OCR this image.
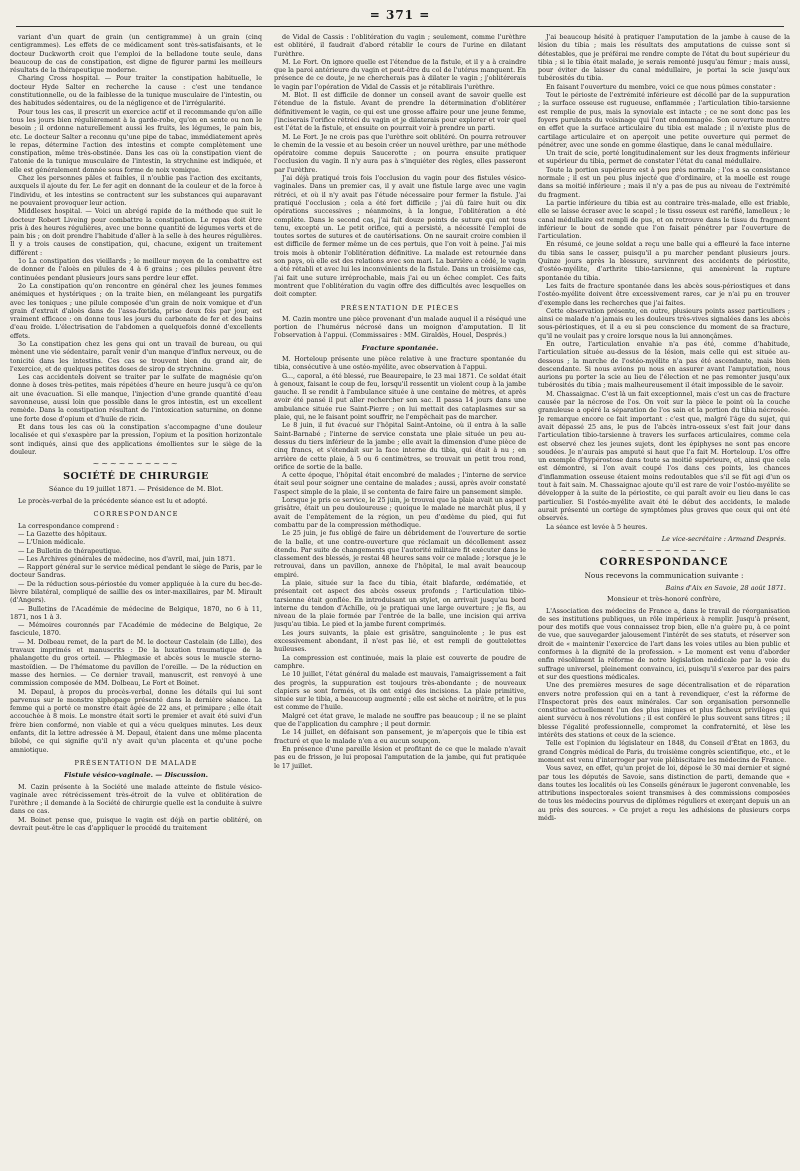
= 371 =

variant d'un quart de grain (un centigramme) à un grain (cinq centigrammes). Les effets de ce médicament sont très-satisfaisants, et le docteur Duckworth croit que l'emploi de la belladone toute seule, dans beaucoup de cas de constipation, est digne de figurer parmi les meilleurs résultats de la thérapeutique moderne.

Charing Cross hospital. — Pour traiter la constipation habituelle, le docteur Hyde Salter en recherche la cause : c'est une tendance constitutionnelle, ou de la faiblesse de la tunique musculaire de l'intestin, ou des habitudes sédentaires, ou de la négligence et de l'irrégularité.

Pour tous les cas, il prescrit un exercice actif et il recommande qu'on aille tous les jours bien régulièrement à la garde-robe, qu'on en sente ou non le besoin ; il ordonne naturellement aussi les fruits, les légumes, le pain bis, etc. Le docteur Salter a reconnu qu'une pipe de tabac, immédiatement après le repas, détermine l'action des intestins et compte complètement une constipation, même très-obstinée. Dans les cas où la constipation vient de l'atonie de la tunique musculaire de l'intestin, la strychnine est indiquée, et elle est généralement donnée sous forme de noix vomique.

Chez les personnes pâles et faibles, il n'oublie pas l'action des excitants, auxquels il ajoute du fer. Le fer agit en donnant de la couleur et de la force à l'individu, et les intestins se contractent sur les substances qui auparavant ne pouvaient provoquer leur action.

Middlesex hospital. — Voici un abrégé rapide de la méthode que suit le docteur Robert Liveing pour combattre la constipation. Le repas doit être pris à des heures régulières, avec une bonne quantité de légumes verts et de pain bis ; on doit prendre l'habitude d'aller à la selle à des heures régulières. Il y a trois causes de constipation, qui, chacune, exigent un traitement différent :

1o La constipation des vieillards ; le meilleur moyen de la combattre est de donner de l'aloès en pilules de 4 à 6 grains ; ces pilules peuvent être continuées pendant plusieurs jours sans perdre leur effet.

2o La constipation qu'on rencontre en général chez les jeunes femmes anémiques et hystériques ; on la traite bien, en mélangeant les purgatifs avec les toniques ; une pilule composée d'un grain de noix vomique et d'un grain d'extrait d'aloès dans de l'assa-fœtida, prise deux fois par jour, est vraiment efficace : on donne tous les jours du carbonate de fer et des bains d'eau froide. L'électrisation de l'abdomen a quelquefois donné d'excellents effets.

3o La constipation chez les gens qui ont un travail de bureau, ou qui mènent une vie sédentaire, paraît venir d'un manque d'influx nerveux, ou de tonicité dans les intestins. Ces cas se trouvent bien du grand air, de l'exercice, et de quelques petites doses de sirop de strychnine.

Les cas accidentels doivent se traiter par le sulfate de magnésie qu'on donne à doses très-petites, mais répétées d'heure en heure jusqu'à ce qu'on ait une évacuation. Si elle manque, l'injection d'une grande quantité d'eau savonneuse, aussi loin que possible dans le gros intestin, est un excellent remède. Dans la constipation résultant de l'intoxication saturnine, on donne une forte dose d'opium et d'huile de ricin.

Et dans tous les cas où la constipation s'accompagne d'une douleur localisée et qui s'exaspère par la pression, l'opium et la position horizontale sont indiqués, ainsi que des applications émollientes sur le siège de la douleur.

~~~~~~~~~~
SOCIÉTÉ DE CHIRURGIE
Séance du 19 juillet 1871. — Présidence de M. Blot.

Le procès-verbal de la précédente séance est lu et adopté.

CORRESPONDANCE

La correspondance comprend :

— La Gazette des hôpitaux.

— L'Union médicale.

— Le Bulletin de thérapeutique.

— Les Archives générales de médecine, nos d'avril, mai, juin 1871.

— Rapport général sur le service médical pendant le siège de Paris, par le docteur Sandras.

— De la réduction sous-périostée du vomer appliquée à la cure du bec-de-lièvre bilatéral, compliqué de saillie des os inter-maxillaires, par M. Mirault (d'Angers).

— Bulletins de l'Académie de médecine de Belgique, 1870, no 6 à 11, 1871, nos 1 à 3.

— Mémoires couronnés par l'Académie de médecine de Belgique, 2e fascicule, 1870.

— M. Dolbeau remet, de la part de M. le docteur Castelain (de Lille), des travaux imprimés et manuscrits : De la luxation traumatique de la phalangette du gros orteil. — Phlegmasie et abcès sous le muscle sterno-mastoïdien. — De l'hématome du pavillon de l'oreille. — De la réduction en masse des hernies. — Ce dernier travail, manuscrit, est renvoyé à une commission composée de MM. Dolbeau, Le Fort et Boinet.

M. Depaul, à propos du procès-verbal, donne les détails qui lui sont parvenus sur le monstre xiphopage présenté dans la dernière séance. La femme qui a porté ce monstre était âgée de 22 ans, et primipare ; elle était accouchée à 8 mois. Le monstre était sorti le premier et avait été suivi d'un frère bien conformé, non viable et qui a vécu quelques minutes. Les deux enfants, dit la lettre adressée à M. Depaul, étaient dans une même placenta bilobé, ce qui signifie qu'il n'y avait qu'un placenta et qu'une poche amniotique.

PRÉSENTATION DE MALADE
Fistule vésico-vaginale. — Discussion.

M. Cazin présente à la Société une malade atteinte de fistule vésico-vaginale avec rétrécissement très-étroit de la vulve et oblitération de l'urèthre ; il demande à la Société de chirurgie quelle est la conduite à suivre dans ce cas.

M. Boinet pense que, puisque le vagin est déjà en partie oblitéré, on devrait peut-être le cas d'appliquer le procédé du traitement

de Vidal de Cassis : l'oblitération du vagin ; seulement, comme l'urèthre est oblitéré, il faudrait d'abord rétablir le cours de l'urine en dilatant l'urèthre.

M. Le Fort. On ignore quelle est l'étendue de la fistule, et il y a à craindre que la paroi antérieure du vagin et peut-être du col de l'utérus manquent. En présence de ce doute, je ne chercherais pas à dilater le vagin ; j'oblitérerais le vagin par l'opération de Vidal de Cassis et je rétablirais l'urèthre.

M. Blot. Il est difficile de donner un conseil avant de savoir quelle est l'étendue de la fistule. Avant de prendre la détermination d'oblitérer définitivement le vagin, ce qui est une grosse affaire pour une jeune femme, j'inciserais l'orifice rétréci du vagin et je dilaterais pour explorer et voir quel est l'état de la fistule, et ensuite on pourrait voir à prendre un parti.

M. Le Fort. Je ne crois pas que l'urèthre soit oblitéré. On pourra retrouver le chemin de la vessie et au besoin créer un nouvel urèthre, par une méthode opératoire comme depuis Saucerotte ; on pourra ensuite pratiquer l'occlusion du vagin. Il n'y aura pas à s'inquiéter des règles, elles passeront par l'urèthre.

J'ai déjà pratiqué trois fois l'occlusion du vagin pour des fistules vésico-vaginales. Dans un premier cas, il y avait une fistule large avec une vagin rétréci, et où il n'y avait pas l'étude nécessaire pour fermer la fistule. J'ai pratiqué l'occlusion ; cela a été fort difficile ; j'ai dû faire huit ou dix opérations successives ; néanmoins, à la longue, l'oblitération a été complète. Dans le second cas, j'ai fait douze points de suture qui ont tous tenu, excepté un. Le petit orifice, qui a persisté, a nécessité l'emploi de toutes sortes de sutures et de cautérisations. On ne saurait croire combien il est difficile de fermer même un de ces pertuis, que l'on voit à peine. J'ai mis trois mois à obtenir l'oblitération définitive. La malade est retournée dans son pays, où elle est des relations avec son mari. La barrière a cédé, le vagin a été rétabli et avec lui les inconvénients de la fistule. Dans un troisième cas, j'ai fait une suture irréprochable, mais j'ai eu un échec complet. Ces faits montrent que l'oblitération du vagin offre des difficultés avec lesquelles on doit compter.

PRÉSENTATION DE PIÈCES

M. Cazin montre une pièce provenant d'un malade auquel il a réséqué une portion de l'humérus nécrosé dans un moignon d'amputation. Il lit l'observation à l'appui. (Commissaires : MM. Giraldès, Houel, Després.)

Fracture spontanée.

M. Horteloup présente une pièce relative à une fracture spontanée du tibia, consécutive à une ostéo-myélite, avec observation à l'appui.

G..., caporal, a été blessé, rue Beaurepaire, le 23 mai 1871. Ce soldat était à genoux, faisant le coup de feu, lorsqu'il ressentit un violent coup à la jambe gauche. Il se rendit à l'ambulance située à une centaine de mètres, et après avoir été pansé il put aller rechercher son sac. Il passa 14 jours dans une ambulance située rue Saint-Pierre ; on lui mettait des cataplasmes sur sa plaie, qui, ne le faisant point souffrir, ne l'empêchait pas de marcher.

Le 8 juin, il fut évacué sur l'hôpital Saint-Antoine, où il entra à la salle Saint-Barnabé ; l'interne de service constata une plaie située un peu au-dessus du tiers inférieur de la jambe ; elle avait la dimension d'une pièce de cinq francs, et s'étendait sur la face interne du tibia, qui était à nu ; en arrière de cette plaie, à 5 ou 6 centimètres, se trouvait un petit trou rond, orifice de sortie de la balle.

A cette époque, l'hôpital était encombré de malades ; l'interne de service était seul pour soigner une centaine de malades ; aussi, après avoir constaté l'aspect simple de la plaie, il se contenta de faire faire un pansement simple.

Lorsque je pris ce service, le 25 juin, je trouvai que la plaie avait un aspect grisâtre, était un peu douloureuse ; quoique le malade ne marchât plus, il y avait de l'empâtement de la région, un peu d'œdème du pied, qui fut combattu par de la compression méthodique.

Le 25 juin, je fus obligé de faire un débridement de l'ouverture de sortie de la balle, et une contre-ouverture que réclamait un décollement assez étendu. Par suite de changements que l'autorité militaire fit exécuter dans le classement des blessés, je restai 48 heures sans voir ce malade ; lorsque je le retrouvai, dans un pavillon, annexe de l'hôpital, le mal avait beaucoup empiré.

La plaie, située sur la face du tibia, était blafarde, œdématiée, et présentait cet aspect des abcès osseux profonds ; l'articulation tibio-tarsienne était gonflée. En introduisant un stylet, on arrivait jusqu'au bord interne du tendon d'Achille, où je pratiquai une large ouverture ; je fis, au niveau de la plaie formée par l'entrée de la balle, une incision qui arriva jusqu'au tibia. Le pied et la jambe furent comprimés.

Les jours suivants, la plaie est grisâtre, sanguinolente ; le pus est excessivement abondant, il n'est pas lié, et est rempli de gouttelettes huileuses.

La compression est continuée, mais la plaie est couverte de poudre de camphre.

Le 10 juillet, l'état général du malade est mauvais, l'amaigrissement a fait des progrès, la suppuration est toujours très-abondante ; de nouveaux clapiers se sont formés, et ils ont exigé des incisions. La plaie primitive, située sur le tibia, a beaucoup augmenté ; elle est sèche et noirâtre, et le pus est comme de l'huile.

Malgré cet état grave, le malade ne souffre pas beaucoup ; il ne se plaint que de l'application du camphre ; il peut dormir.

Le 14 juillet, en défaisant son pansement, je m'aperçois que le tibia est fracturé et que le malade n'en a eu aucun soupçon.

En présence d'une pareille lésion et profitant de ce que le malade n'avait pas eu de frisson, je lui proposai l'amputation de la jambe, qui fut pratiquée le 17 juillet.

J'ai beaucoup hésité à pratiquer l'amputation de la jambe à cause de la lésion du tibia ; mais les résultats des amputations de cuisse sont si détestables, que je préférai me rendre compte de l'état du bout supérieur du tibia ; si le tibia était malade, je serais remonté jusqu'au fémur ; mais aussi, pour éviter de laisser du canal médullaire, je portai la scie jusqu'aux tubérosités du tibia.

En faisant l'ouverture du membre, voici ce que nous pûmes constater :

Tout le périoste de l'extrémité inférieure est décollé par de la suppuration ; la surface osseuse est rugueuse, enflammée ; l'articulation tibio-tarsienne est remplie de pus, mais la synoviale est intacte ; ce ne sont donc pas les foyers purulents du voisinage qui l'ont endommagée. Son ouverture montre en effet que la surface articulaire du tibia est malade ; il n'existe plus de cartilage articulaire et on aperçoit une petite ouverture qui permet de pénétrer, avec une sonde en gomme élastique, dans le canal médullaire.

Un trait de scie, porté longitudinalement sur les deux fragments inférieur et supérieur du tibia, permet de constater l'état du canal médullaire.

Toute la portion supérieure est à peu près normale ; l'os a sa consistance normale ; il est un peu plus injecté que d'ordinaire, et la moelle est rouge dans sa moitié inférieure ; mais il n'y a pas de pus au niveau de l'extrémité du fragment.

La partie inférieure du tibia est au contraire très-malade, elle est friable, elle se laisse écraser avec le scapel ; le tissu osseux est raréfié, lamelleux ; le canal médullaire est rempli de pus, et on retrouve dans le tissu du fragment inférieur le bout de sonde que l'on faisait pénétrer par l'ouverture de l'articulation.

En résumé, ce jeune soldat a reçu une balle qui a effleuré la face interne du tibia sans le casser, puisqu'il a pu marcher pendant plusieurs jours. Quinze jours après la blessure, survinrent des accidents de périostite, d'ostéo-myélite, d'arthrite tibio-tarsienne, qui amenèrent la rupture spontanée du tibia.

Les faits de fracture spontanée dans les abcès sous-périostiques et dans l'ostéo-myélite doivent être excessivement rares, car je n'ai pu en trouver d'exemple dans les recherches que j'ai faites.

Cette observation présente, en outre, plusieurs points assez particuliers ; ainsi ce malade n'a jamais eu les douleurs très-vives signalées dans les abcès sous-périostiques, et il a eu si peu conscience du moment de sa fracture, qu'il ne voulait pas y croire lorsque nous la lui annonçâmes.

En outre, l'articulation envahie n'a pas été, comme d'habitude, l'articulation située au-dessus de la lésion, mais celle qui est située au-dessous ; la marche de l'ostéo-myélite n'a pas été ascendante, mais bien descendante. Si nous avions pu nous en assurer avant l'amputation, nous aurions pu porter la scie au lieu de l'élection et ne pas remonter jusqu'aux tubérosités du tibia ; mais malheureusement il était impossible de le savoir.

M. Chassaignac. C'est là un fait exceptionnel, mais c'est un cas de fracture causée par la nécrose de l'os. On voit sur la pièce le point où la couche granuleuse a opéré la séparation de l'os sain et la portion du tibia nécrosée. Je remarque encore ce fait important : c'est que, malgré l'âge du sujet, qui avait dépassé 25 ans, le pus de l'abcès intra-osseux s'est fait jour dans l'articulation tibio-tarsienne à travers les surfaces articulaires, comme cela est observé chez les jeunes sujets, dont les épiphyses ne sont pas encore soudées. Je n'aurais pas amputé si haut que l'a fait M. Horteloup. L'os offre un exemple d'hypérostose dans toute sa moitié supérieure, et, ainsi que cela est démontré, si l'on avait coupé l'os dans ces points, les chances d'inflammation osseuse étaient moins redoutables que s'il se fût agi d'un os tout à fait sain. M. Chassaignac ajoute qu'il est rare de voir l'ostéo-myélite se développer à la suite de la périostite, ce qui paraît avoir eu lieu dans le cas particulier. Si l'ostéo-myélite avait été le début des accidents, le malade aurait présenté un cortège de symptômes plus graves que ceux qui ont été observés.

La séance est levée à 5 heures.

Le vice-secrétaire : Armand Després.
~~~~~~~~~~
CORRESPONDANCE
Nous recevons la communication suivante :
Bains d'Aix en Savoie, 28 août 1871.
Monsieur et très-honoré confrère,

L'Association des médecins de France a, dans le travail de réorganisation de ses institutions publiques, un rôle impérieux à remplir. Jusqu'à présent, pour des motifs que vous connaissez trop bien, elle n'a guère pu, à ce point de vue, que sauvegarder jalousement l'intérêt de ses statuts, et réserver son droit de « maintenir l'exercice de l'art dans les voies utiles au bien public et conformes à la dignité de la profession. » Le moment est venu d'aborder enfin résolûment la réforme de notre législation médicale par la voie du suffrage universel, pleinement convaincu, ici, puisqu'il s'exerce par des pairs et sur des questions médicales.

Une des premières mesures de sage décentralisation et de réparation envers notre profession qui en a tant à revendiquer, c'est la réforme de l'Inspectorat près des eaux minérales. Car son organisation personnelle constitue actuellement l'un des plus iniques et plus fâcheux privilèges qui aient survécu à nos révolutions ; il est conféré le plus souvent sans titres ; il blesse l'égalité professionnelle, compromet la confraternité, et lèse les intérêts des stations et ceux de la science.

Telle est l'opinion du législateur en 1848, du Conseil d'État en 1863, du grand Congrès médical de Paris, du troisième congrès scientifique, etc., et le moment est venu d'interroger par voie plébiscitaire les médecins de France.

Vous savez, en effet, qu'un projet de loi, déposé le 30 mai dernier et signé par tous les députés de Savoie, sans distinction de parti, demande que « dans toutes les localités où les Conseils généraux le jugeront convenable, les attributions inspectorales soient transmises à des commissions composées de tous les médecins pourvus de diplômes réguliers et exerçant depuis un an au près des sources. » Ce projet a reçu les adhésions de plusieurs corps médi-
